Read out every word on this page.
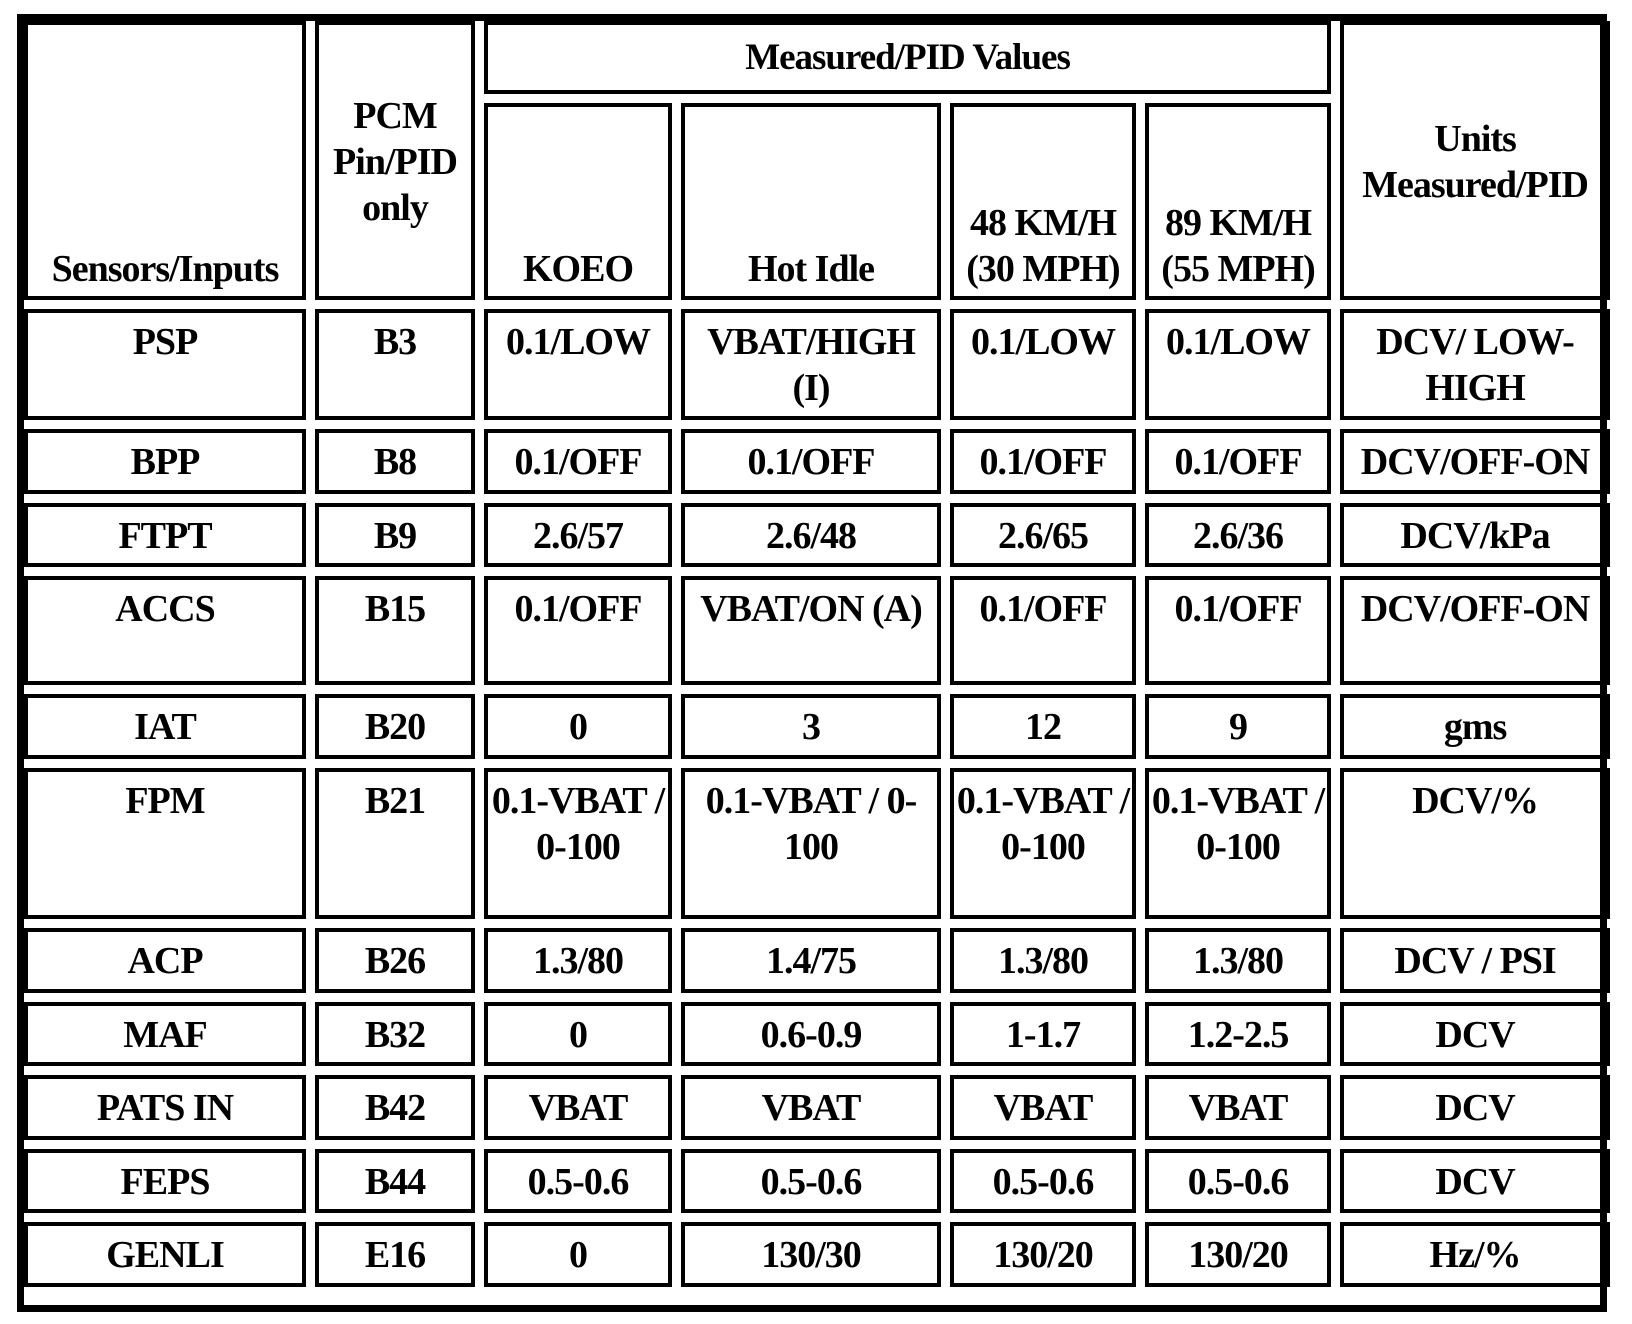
Sensors/Inputs	PCM Pin/PID only	Measured/PID Values				Units Measured/PID
		KOEO	Hot Idle	48 KM/H (30 MPH)	89 KM/H (55 MPH)	
PSP	B3	0.1/LOW	VBAT/HIGH (I)	0.1/LOW	0.1/LOW	DCV/ LOW-HIGH
BPP	B8	0.1/OFF	0.1/OFF	0.1/OFF	0.1/OFF	DCV/OFF-ON
FTPT	B9	2.6/57	2.6/48	2.6/65	2.6/36	DCV/kPa
ACCS	B15	0.1/OFF	VBAT/ON (A)	0.1/OFF	0.1/OFF	DCV/OFF-ON
IAT	B20	0	3	12	9	gms
FPM	B21	0.1-VBAT / 0-100	0.1-VBAT / 0-100	0.1-VBAT / 0-100	0.1-VBAT / 0-100	DCV/%
ACP	B26	1.3/80	1.4/75	1.3/80	1.3/80	DCV / PSI
MAF	B32	0	0.6-0.9	1-1.7	1.2-2.5	DCV
PATS IN	B42	VBAT	VBAT	VBAT	VBAT	DCV
FEPS	B44	0.5-0.6	0.5-0.6	0.5-0.6	0.5-0.6	DCV
GENLI	E16	0	130/30	130/20	130/20	Hz/%
